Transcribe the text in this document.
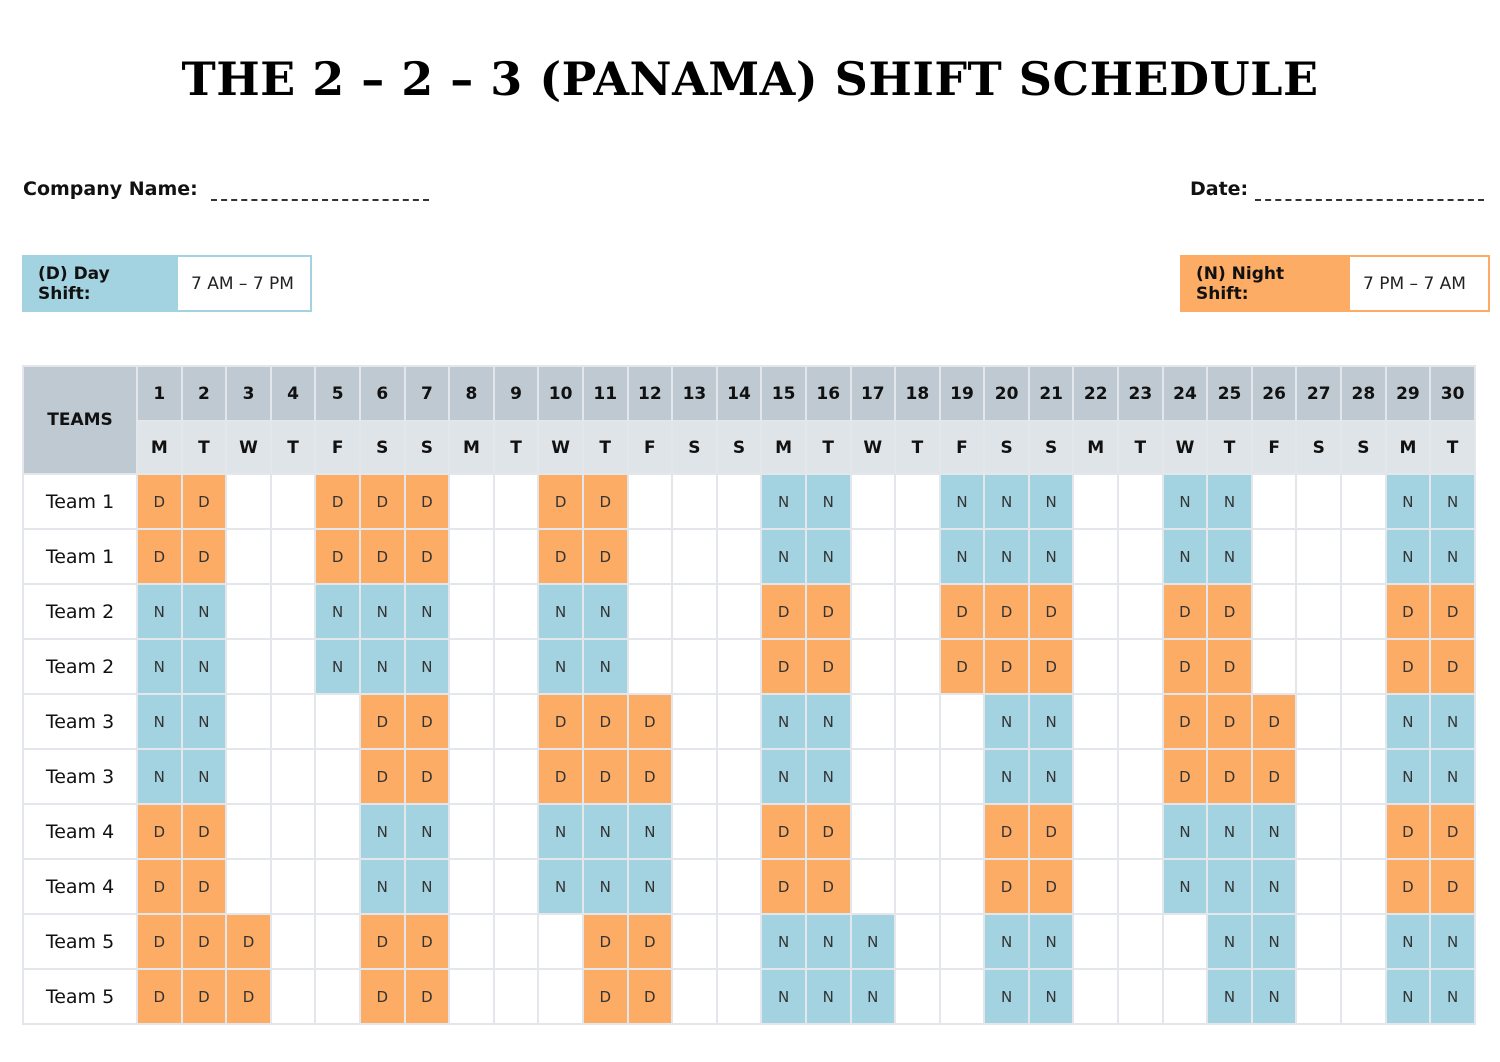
THE 2 – 2 – 3 (PANAMA) SHIFT SCHEDULE
Company Name:	Date:
(D) Day Shift:	7 AM – 7 PM	(N) Night Shift:	7 PM – 7 AM
TEAMS	1	2	3	4	5	6	7	8	9	10	11	12	13	14	15	16	17	18	19	20	21	22	23	24	25	26	27	28	29	30
	M	T	W	T	F	S	S	M	T	W	T	F	S	S	M	T	W	T	F	S	S	M	T	W	T	F	S	S	M	T
Team 1	D	D			D	D	D			D	D				N	N			N	N	N			N	N				N	N
Team 1	D	D			D	D	D			D	D				N	N			N	N	N			N	N				N	N
Team 2	N	N			N	N	N			N	N				D	D			D	D	D			D	D				D	D
Team 2	N	N			N	N	N			N	N				D	D			D	D	D			D	D				D	D
Team 3	N	N				D	D			D	D	D			N	N				N	N			D	D	D			N	N
Team 3	N	N				D	D			D	D	D			N	N				N	N			D	D	D			N	N
Team 4	D	D				N	N			N	N	N			D	D				D	D			N	N	N			D	D
Team 4	D	D				N	N			N	N	N			D	D				D	D			N	N	N			D	D
Team 5	D	D	D			D	D				D	D			N	N	N			N	N				N	N			N	N
Team 5	D	D	D			D	D				D	D			N	N	N			N	N				N	N			N	N
